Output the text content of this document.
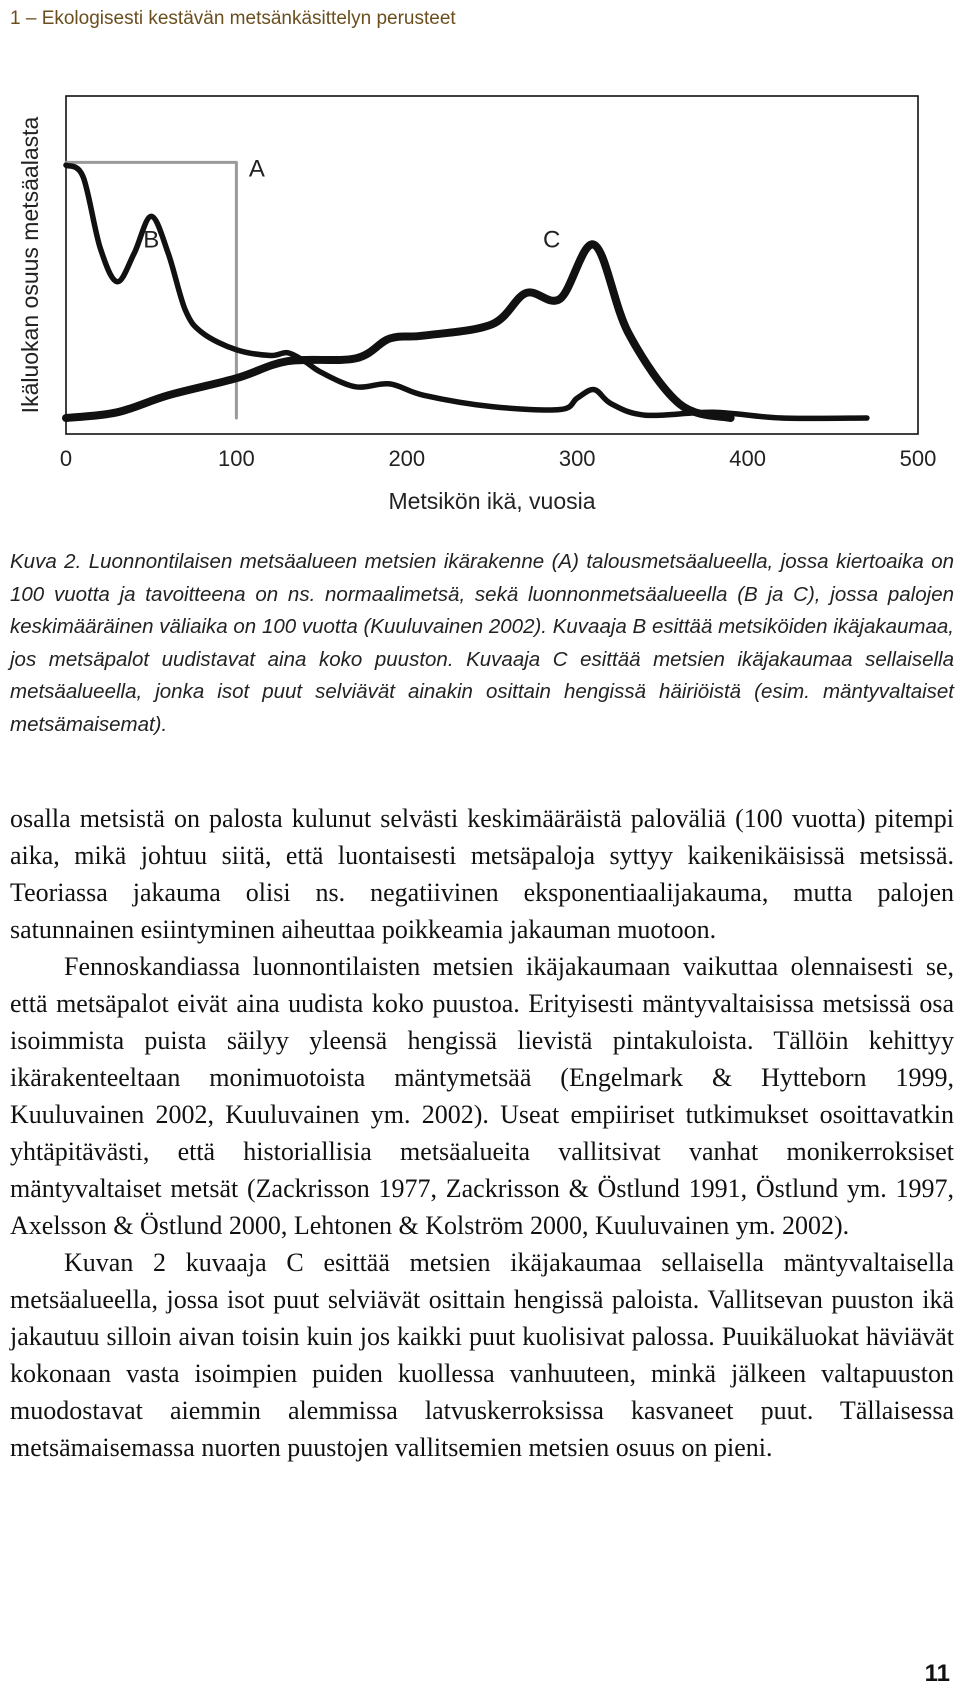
1 – Ekologisesti kestävän metsänkäsittelyn perusteet
0	100	200	300	400	500
A
B	C
Metsikön ikä, vuosia
Ikäluokan osuus metsäalasta

Kuva 2. Luonnontilaisen metsäalueen metsien ikärakenne (A) talousmetsäalueella, jossa kiertoaika on 100 vuotta ja tavoitteena on ns. normaalimetsä, sekä luonnonmetsäalueella (B ja C), jossa palojen keskimääräinen väliaika on 100 vuotta (Kuuluvainen 2002). Kuvaaja B esittää metsiköiden ikäjakaumaa, jos metsäpalot uudistavat aina koko puuston. Kuvaaja C esittää metsien ikäjakaumaa sellaisella metsäalueella, jonka isot puut selviävät ainakin osittain hengissä häiriöistä (esim. mäntyvaltaiset metsämaisemat).

osalla metsistä on palosta kulunut selvästi keskimääräistä paloväliä (100 vuotta) pitempi aika, mikä johtuu siitä, että luontaisesti metsäpaloja syttyy kaikenikäisissä metsissä. Teoriassa jakauma olisi ns. negatiivinen eksponentiaalijakauma, mutta palojen satunnainen esiintyminen aiheuttaa poikkeamia jakauman muotoon.

Fennoskandiassa luonnontilaisten metsien ikäjakaumaan vaikuttaa olennaisesti se, että metsäpalot eivät aina uudista koko puustoa. Erityisesti mäntyvaltaisissa metsissä osa isoimmista puista säilyy yleensä hengissä lievistä pintakuloista. Tällöin kehittyy ikärakenteeltaan monimuotoista mäntymetsää (Engelmark & Hytteborn 1999, Kuuluvainen 2002, Kuuluvainen ym. 2002). Useat empiiriset tutkimukset osoittavatkin yhtäpitävästi, että historiallisia metsäalueita vallitsivat vanhat monikerroksiset mäntyvaltaiset metsät (Zackrisson 1977, Zackrisson & Östlund 1991, Östlund ym. 1997, Axelsson & Östlund 2000, Lehtonen & Kolström 2000, Kuuluvainen ym. 2002).

Kuvan 2 kuvaaja C esittää metsien ikäjakaumaa sellaisella mäntyvaltaisella metsäalueella, jossa isot puut selviävät osittain hengissä paloista. Vallitsevan puuston ikä jakautuu silloin aivan toisin kuin jos kaikki puut kuolisivat palossa. Puuikäluokat häviävät kokonaan vasta isoimpien puiden kuollessa vanhuuteen, minkä jälkeen valtapuuston muodostavat aiemmin alemmissa latvuskerroksissa kasvaneet puut. Tällaisessa metsämaisemassa nuorten puustojen vallitsemien metsien osuus on pieni.

11
